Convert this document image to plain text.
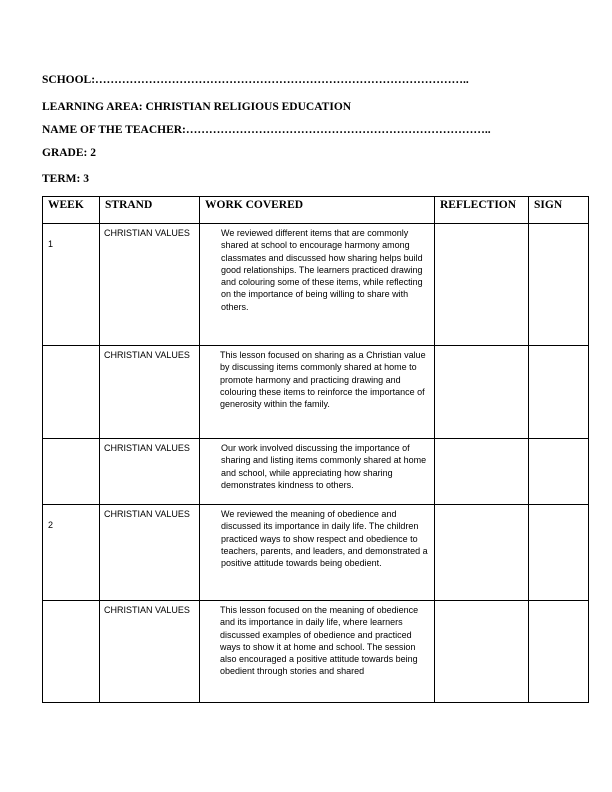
SCHOOL:……………………………………………………………………………………..
LEARNING AREA: CHRISTIAN RELIGIOUS EDUCATION
NAME OF THE TEACHER:……………………………………………………………………..
GRADE: 2
TERM: 3
WEEK	STRAND	WORK COVERED	REFLECTION	SIGN
1	CHRISTIAN VALUES	We reviewed different items that are commonly shared at school to encourage harmony among classmates and discussed how sharing helps build good relationships. The learners practiced drawing and colouring some of these items, while reflecting on the importance of being willing to share with others.		
	CHRISTIAN VALUES	This lesson focused on sharing as a Christian value by discussing items commonly shared at home to promote harmony and practicing drawing and colouring these items to reinforce the importance of generosity within the family.		
	CHRISTIAN VALUES	Our work involved discussing the importance of sharing and listing items commonly shared at home and school, while appreciating how sharing demonstrates kindness to others.		
2	CHRISTIAN VALUES	We reviewed the meaning of obedience and discussed its importance in daily life. The children practiced ways to show respect and obedience to teachers, parents, and leaders, and demonstrated a positive attitude towards being obedient.		
	CHRISTIAN VALUES	This lesson focused on the meaning of obedience and its importance in daily life, where learners discussed examples of obedience and practiced ways to show it at home and school. The session also encouraged a positive attitude towards being obedient through stories and shared		
